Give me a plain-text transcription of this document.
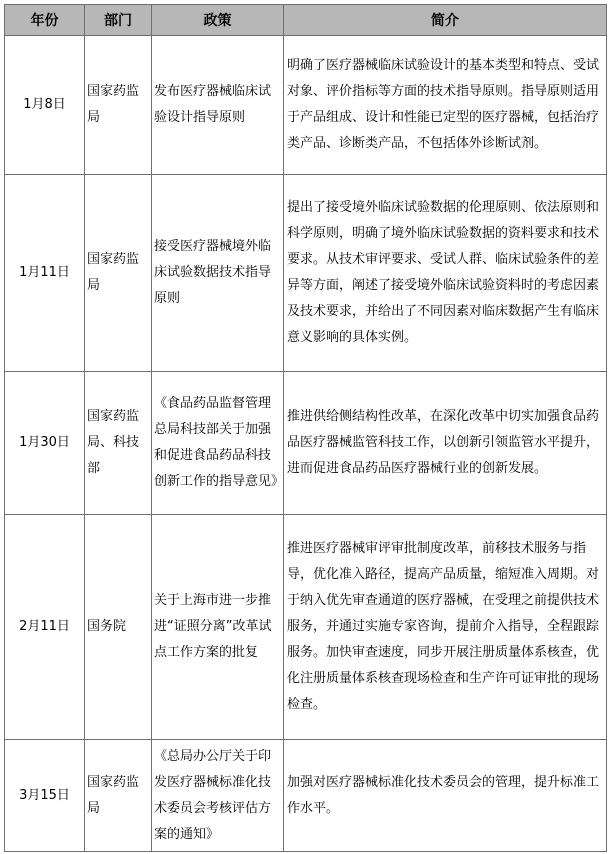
年份	部门	政策	简介
1月8日	国家药监局	发布医疗器械临床试验设计指导原则	明确了医疗器械临床试验设计的基本类型和特点、受试对象、评价指标等方面的技术指导原则。指导原则适用于产品组成、设计和性能已定型的医疗器械，包括治疗类产品、诊断类产品，不包括体外诊断试剂。
1月11日	国家药监局	接受医疗器械境外临床试验数据技术指导原则	提出了接受境外临床试验数据的伦理原则、依法原则和科学原则，明确了境外临床试验数据的资料要求和技术要求。从技术审评要求、受试人群、临床试验条件的差异等方面，阐述了接受境外临床试验资料时的考虑因素及技术要求，并给出了不同因素对临床数据产生有临床意义影响的具体实例。
1月30日	国家药监局、科技部	《食品药品监督管理总局科技部关于加强和促进食品药品科技创新工作的指导意见》	推进供给侧结构性改革，在深化改革中切实加强食品药品医疗器械监管科技工作，以创新引领监管水平提升，进而促进食品药品医疗器械行业的创新发展。
2月11日	国务院	关于上海市进一步推进“证照分离”改革试点工作方案的批复	推进医疗器械审评审批制度改革，前移技术服务与指导，优化准入路径，提高产品质量，缩短准入周期。对于纳入优先审查通道的医疗器械，在受理之前提供技术服务，并通过实施专家咨询，提前介入指导，全程跟踪服务。加快审查速度，同步开展注册质量体系核查，优化注册质量体系核查现场检查和生产许可证审批的现场检查。
3月15日	国家药监局	《总局办公厅关于印发医疗器械标准化技术委员会考核评估方案的通知》	加强对医疗器械标准化技术委员会的管理，提升标准工作水平。
